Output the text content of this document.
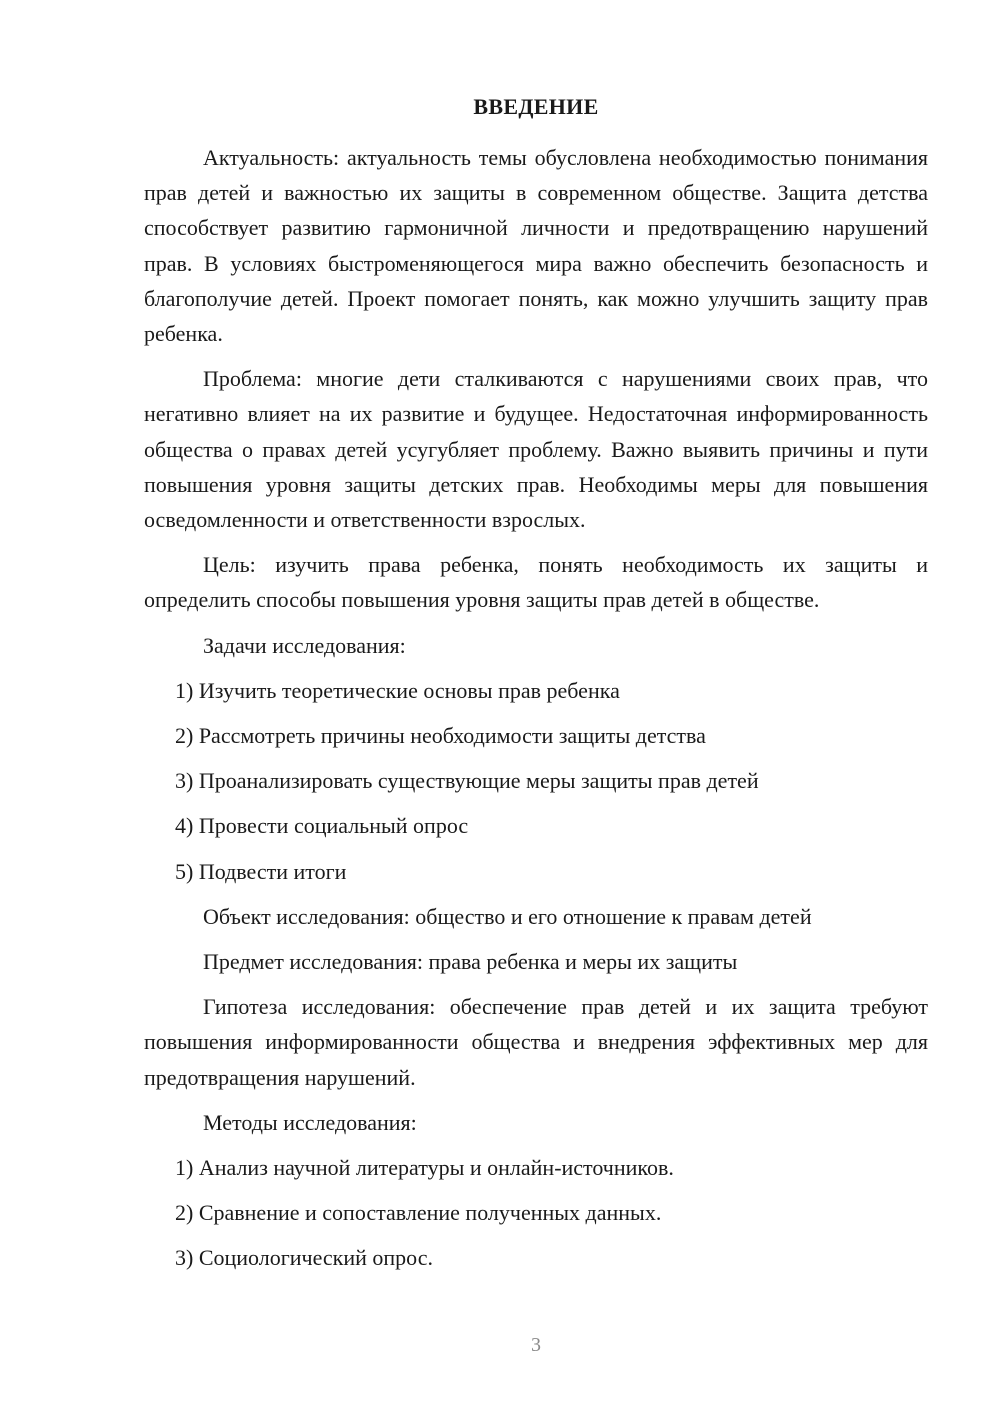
ВВЕДЕНИЕ

Актуальность: актуальность темы обусловлена необходимостью понимания прав детей и важностью их защиты в современном обществе. Защита детства способствует развитию гармоничной личности и предотвращению нарушений прав. В условиях быстроменяющегося мира важно обеспечить безопасность и благополучие детей. Проект помогает понять, как можно улучшить защиту прав ребенка.

Проблема: многие дети сталкиваются с нарушениями своих прав, что негативно влияет на их развитие и будущее. Недостаточная информированность общества о правах детей усугубляет проблему. Важно выявить причины и пути повышения уровня защиты детских прав. Необходимы меры для повышения осведомленности и ответственности взрослых.

Цель: изучить права ребенка, понять необходимость их защиты и определить способы повышения уровня защиты прав детей в обществе.

Задачи исследования:

1) Изучить теоретические основы прав ребенка

2) Рассмотреть причины необходимости защиты детства

3) Проанализировать существующие меры защиты прав детей

4) Провести социальный опрос

5) Подвести итоги

Объект исследования: общество и его отношение к правам детей

Предмет исследования: права ребенка и меры их защиты

Гипотеза исследования: обеспечение прав детей и их защита требуют повышения информированности общества и внедрения эффективных мер для предотвращения нарушений.

Методы исследования:

1) Анализ научной литературы и онлайн-источников.

2) Сравнение и сопоставление полученных данных.

3) Социологический опрос.

3
